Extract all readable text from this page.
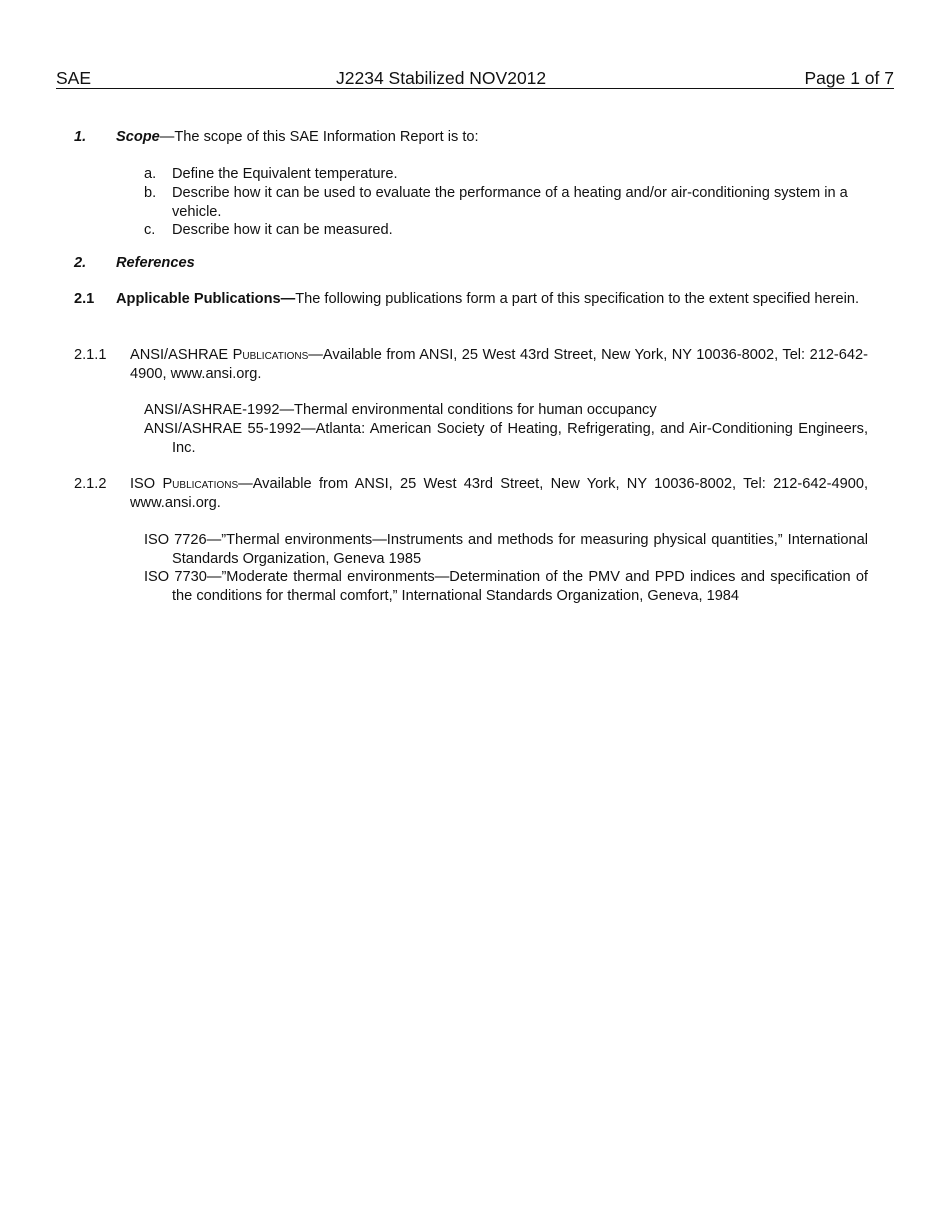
SAE	J2234 Stabilized NOV2012	Page 1 of 7
1. Scope—The scope of this SAE Information Report is to:
a. Define the Equivalent temperature.
b. Describe how it can be used to evaluate the performance of a heating and/or air-conditioning system in a vehicle.
c. Describe how it can be measured.
2. References
2.1 Applicable Publications—The following publications form a part of this specification to the extent specified herein.
2.1.1 ANSI/ASHRAE Publications—Available from ANSI, 25 West 43rd Street, New York, NY 10036-8002, Tel: 212-642-4900, www.ansi.org.
ANSI/ASHRAE-1992—Thermal environmental conditions for human occupancy
ANSI/ASHRAE 55-1992—Atlanta: American Society of Heating, Refrigerating, and Air-Conditioning Engineers, Inc.
2.1.2 ISO Publications—Available from ANSI, 25 West 43rd Street, New York, NY 10036-8002, Tel: 212-642-4900, www.ansi.org.
ISO 7726—”Thermal environments—Instruments and methods for measuring physical quantities,” International Standards Organization, Geneva 1985
ISO 7730—”Moderate thermal environments—Determination of the PMV and PPD indices and specification of the conditions for thermal comfort,” International Standards Organization, Geneva, 1984
